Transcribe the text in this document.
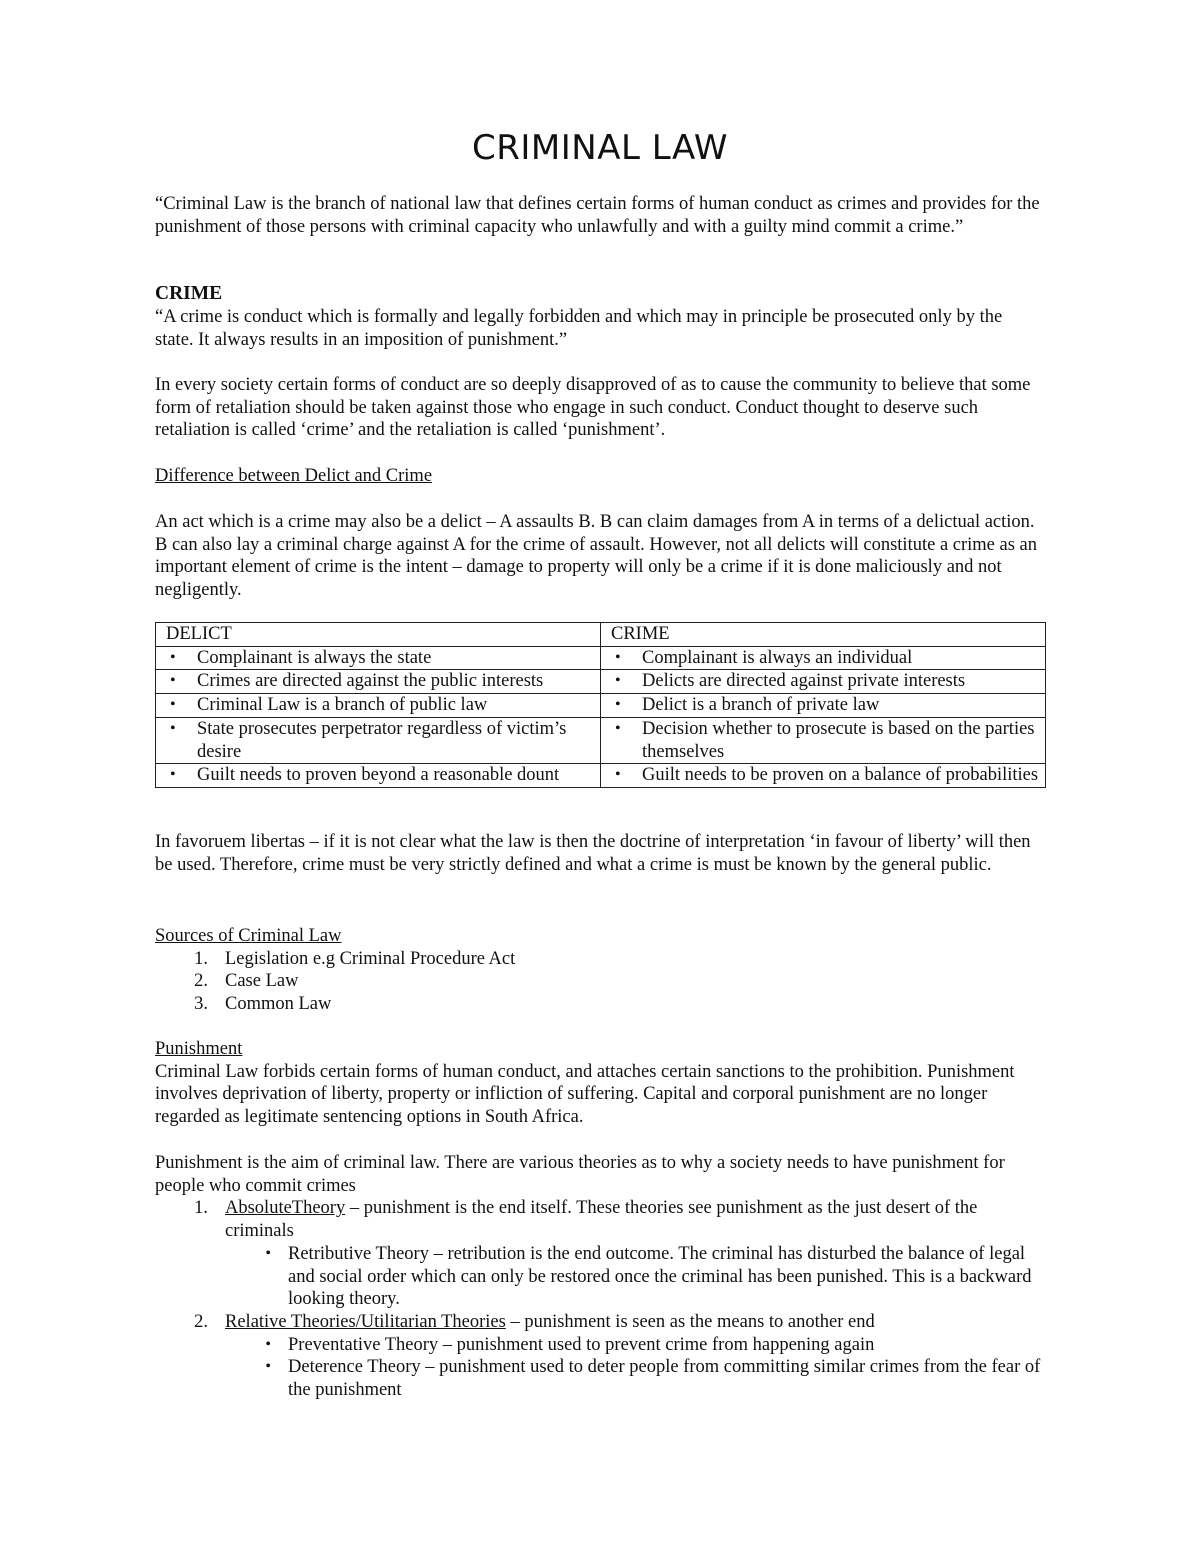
CRIMINAL LAW

“Criminal Law is the branch of national law that defines certain forms of human conduct as crimes and provides for the punishment of those persons with criminal capacity who unlawfully and with a guilty mind commit a crime.”

CRIME

“A crime is conduct which is formally and legally forbidden and which may in principle be prosecuted only by the state. It always results in an imposition of punishment.”

In every society certain forms of conduct are so deeply disapproved of as to cause the community to believe that some form of retaliation should be taken against those who engage in such conduct. Conduct thought to deserve such retaliation is called ‘crime’ and the retaliation is called ‘punishment’.

Difference between Delict and Crime

An act which is a crime may also be a delict – A assaults B. B can claim damages from A in terms of a delictual action. B can also lay a criminal charge against A for the crime of assault. However, not all delicts will constitute a crime as an important element of crime is the intent – damage to property will only be a crime if it is done maliciously and not negligently.

DELICT	CRIME

• Complainant is always the state	• Complainant is always an individual

• Crimes are directed against the public interests	• Delicts are directed against private interests

• Criminal Law is a branch of public law	• Delict is a branch of private law

• State prosecutes perpetrator regardless of victim’s desire	• Decision whether to prosecute is based on the parties themselves

• Guilt needs to proven beyond a reasonable dount	• Guilt needs to be proven on a balance of probabilities

In favoruem libertas – if it is not clear what the law is then the doctrine of interpretation ‘in favour of liberty’ will then be used. Therefore, crime must be very strictly defined and what a crime is must be known by the general public.

Sources of Criminal Law
1. Legislation e.g Criminal Procedure Act
2. Case Law
3. Common Law
Punishment

Criminal Law forbids certain forms of human conduct, and attaches certain sanctions to the prohibition. Punishment involves deprivation of liberty, property or infliction of suffering. Capital and corporal punishment are no longer regarded as legitimate sentencing options in South Africa.

Punishment is the aim of criminal law. There are various theories as to why a society needs to have punishment for people who commit crimes

1. AbsoluteTheory – punishment is the end itself. These theories see punishment as the just desert of the criminals
• Retributive Theory – retribution is the end outcome. The criminal has disturbed the balance of legal and social order which can only be restored once the criminal has been punished. This is a backward looking theory.
2. Relative Theories/Utilitarian Theories – punishment is seen as the means to another end
• Preventative Theory – punishment used to prevent crime from happening again
• Deterence Theory – punishment used to deter people from committing similar crimes from the fear of the punishment
